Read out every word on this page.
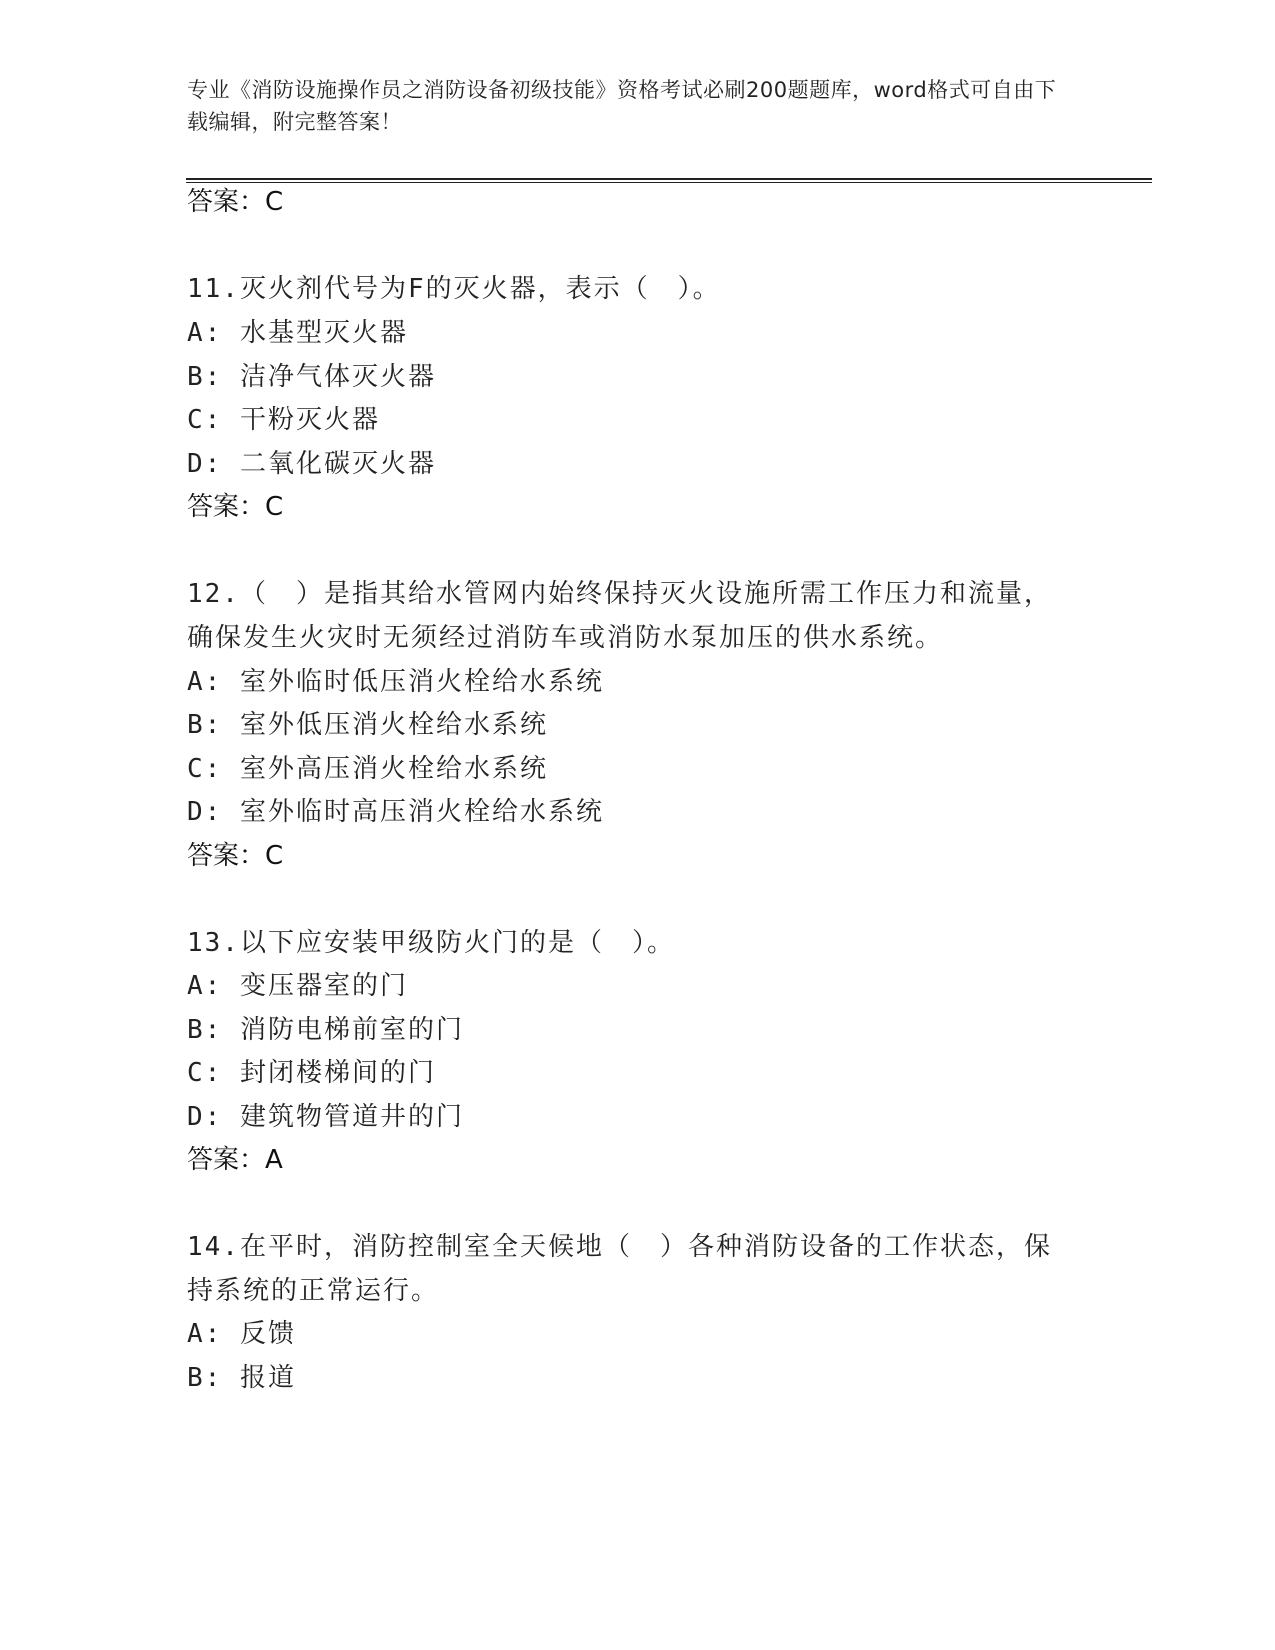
专业《消防设施操作员之消防设备初级技能》资格考试必刷200题题库，word格式可自由下载编辑，附完整答案！
答案：C
11.灭火剂代号为F的灭火器，表示（　）。
A: 水基型灭火器
B: 洁净气体灭火器
C: 干粉灭火器
D: 二氧化碳灭火器
答案：C
12.（　）是指其给水管网内始终保持灭火设施所需工作压力和流量，
确保发生火灾时无须经过消防车或消防水泵加压的供水系统。
A: 室外临时低压消火栓给水系统
B: 室外低压消火栓给水系统
C: 室外高压消火栓给水系统
D: 室外临时高压消火栓给水系统
答案：C
13.以下应安装甲级防火门的是（　）。
A: 变压器室的门
B: 消防电梯前室的门
C: 封闭楼梯间的门
D: 建筑物管道井的门
答案：A
14.在平时，消防控制室全天候地（　）各种消防设备的工作状态，保
持系统的正常运行。
A: 反馈
B: 报道
